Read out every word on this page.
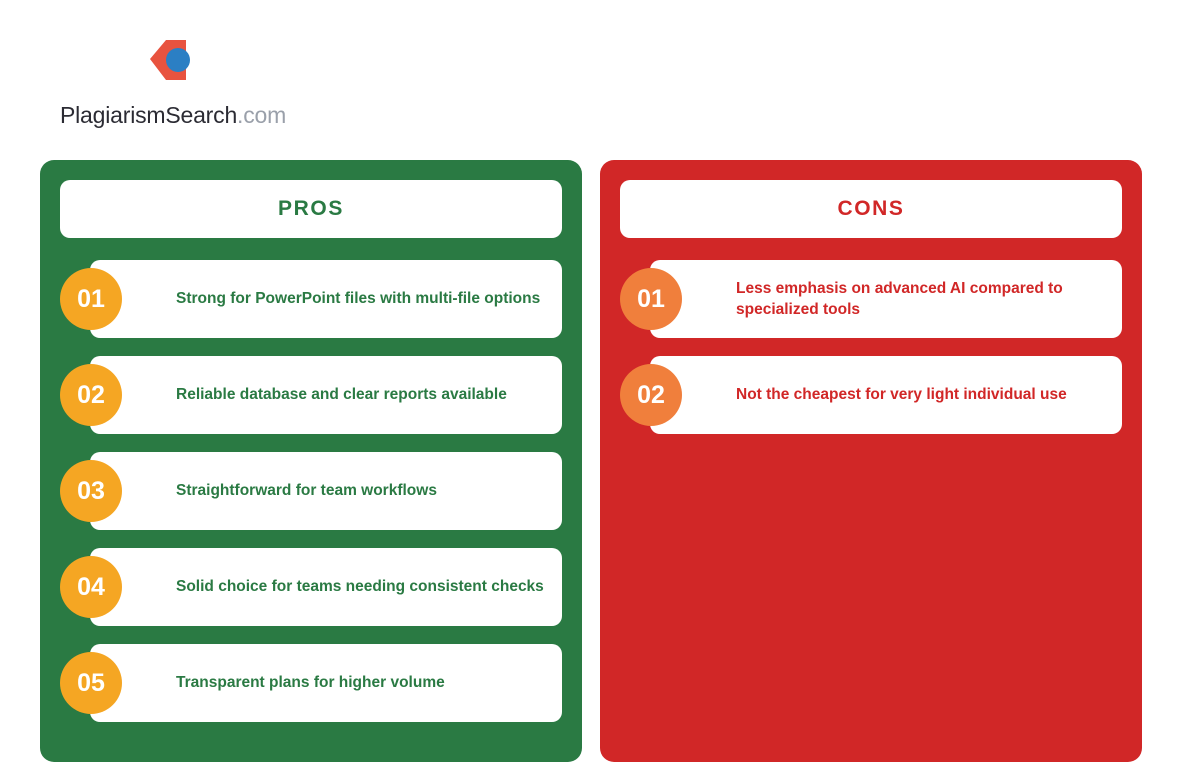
PlagiarismSearch.com
PROS
01	Strong for PowerPoint files with multi-file options
02	Reliable database and clear reports available
03	Straightforward for team workflows
04	Solid choice for teams needing consistent checks
05	Transparent plans for higher volume
CONS
01	Less emphasis on advanced AI compared to specialized tools
02	Not the cheapest for very light individual use
